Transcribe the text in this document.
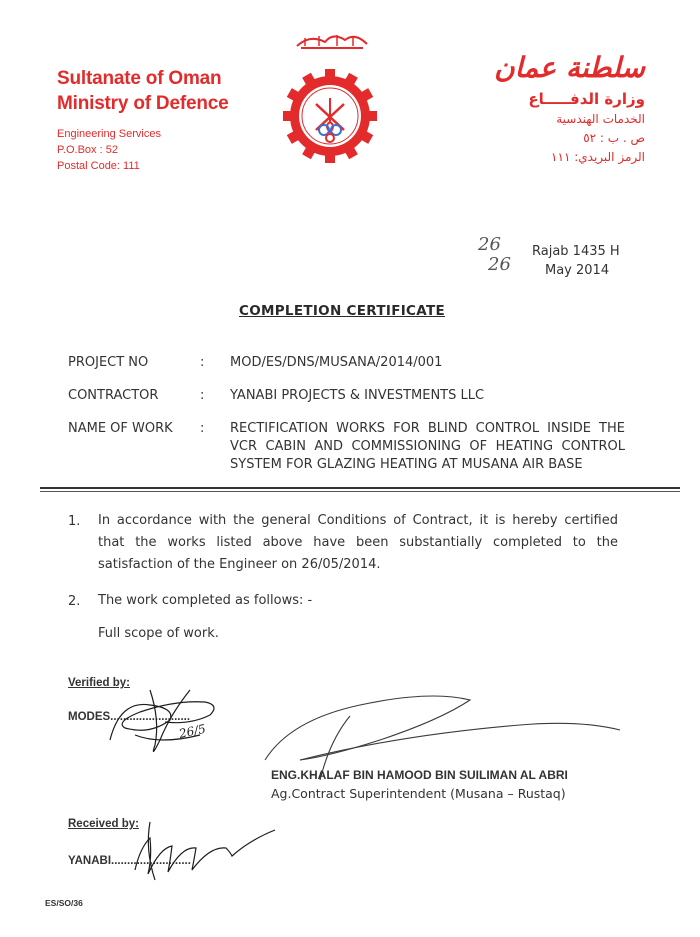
Sultanate of Oman
Ministry of Defence
Engineering Services
P.O.Box : 52
Postal Code: 111
سلطنة عمان
وزارة الدفـــــاع
الخدمات الهندسية
ص . ب : ٥٢
الرمز البريدي: ١١١
26 Rajab 1435 H
26	May 2014
COMPLETION CERTIFICATE
PROJECT NO	: MOD/ES/DNS/MUSANA/2014/001
CONTRACTOR	: YANABI PROJECTS & INVESTMENTS LLC
NAME OF WORK : RECTIFICATION WORKS FOR BLIND CONTROL INSIDE THE VCR CABIN AND COMMISSIONING OF HEATING CONTROL SYSTEM FOR GLAZING HEATING AT MUSANA AIR BASE
1. In accordance with the general Conditions of Contract, it is hereby certified that the works listed above have been substantially completed to the satisfaction of the Engineer on 26/05/2014.
2. The work completed as follows: -
Full scope of work.
Verified by:
MODES.........................
ENG.KHALAF BIN HAMOOD BIN SUILIMAN AL ABRI
Ag.Contract Superintendent (Musana – Rustaq)
Received by:
YANABI.........................
ES/SO/36
26/5
